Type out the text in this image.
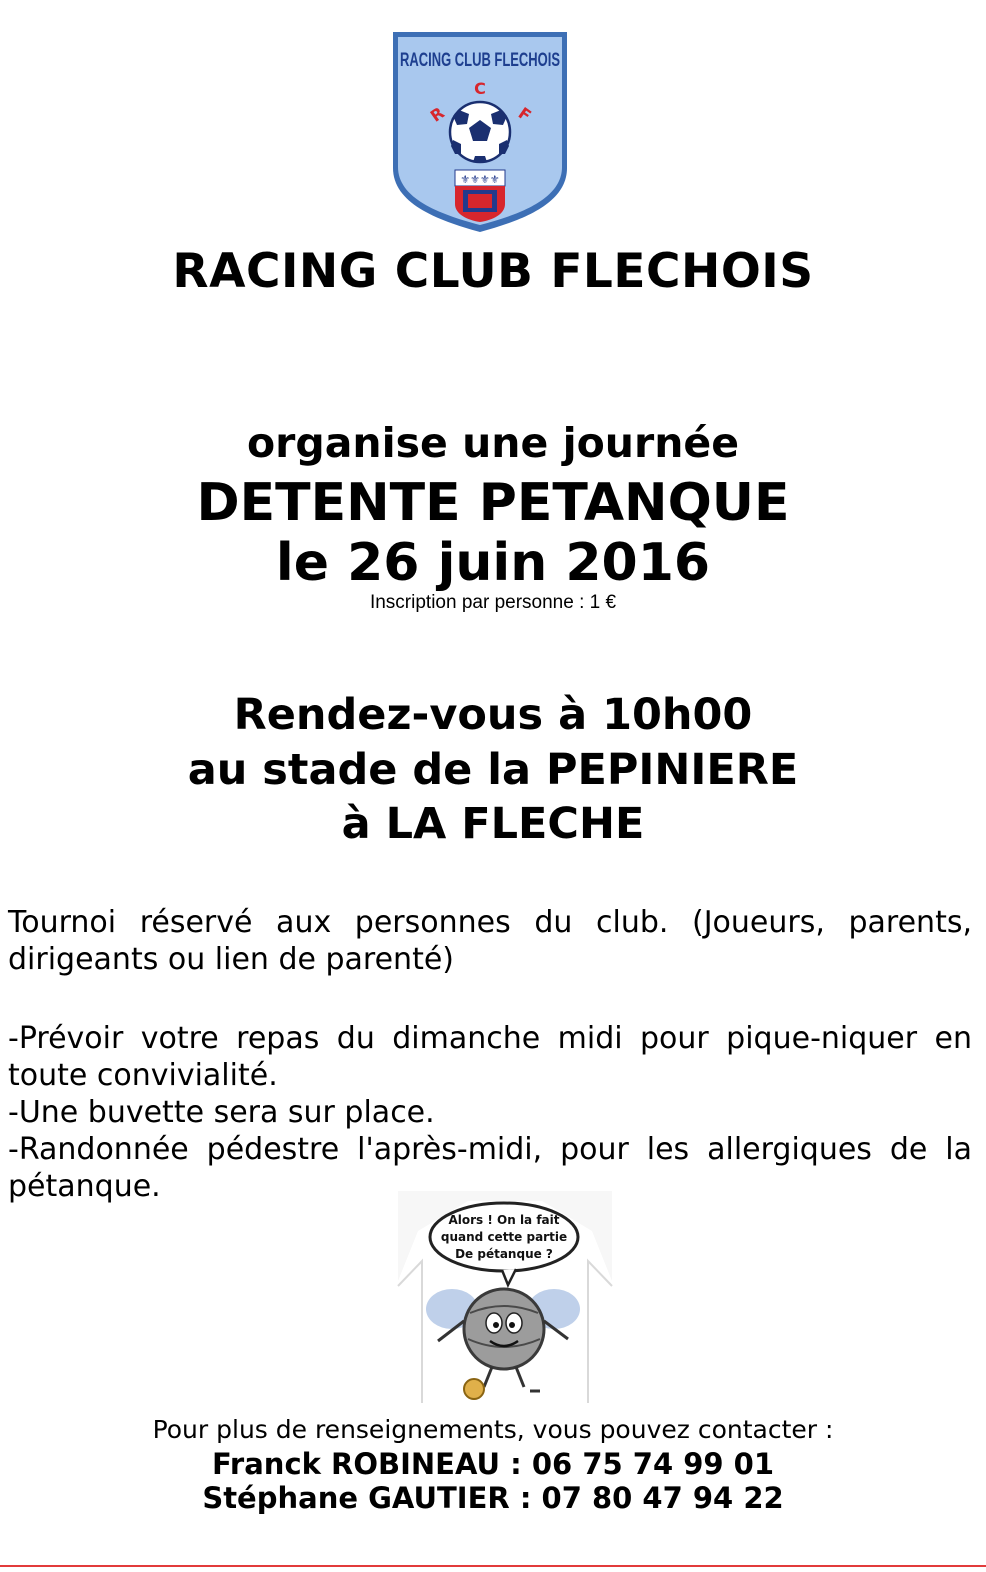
RACING CLUB FLECHOIS
C
R	F
⚜⚜⚜⚜
RACING CLUB FLECHOIS
organise une journée
DETENTE PETANQUE
le 26 juin 2016
Inscription par personne : 1 €
Rendez-vous à 10h00
au stade de la PEPINIERE
à LA FLECHE
Tournoi réservé aux personnes du club. (Joueurs, parents, dirigeants ou lien de parenté)

-Prévoir votre repas du dimanche midi pour pique-niquer en toute convivialité.

-Une buvette sera sur place.

-Randonnée pédestre l'après-midi, pour les allergiques de la pétanque.

Alors ! On la fait
quand cette partie
De pétanque ?
Pour plus de renseignements, vous pouvez contacter :
Franck ROBINEAU : 06 75 74 99 01
Stéphane GAUTIER : 07 80 47 94 22
